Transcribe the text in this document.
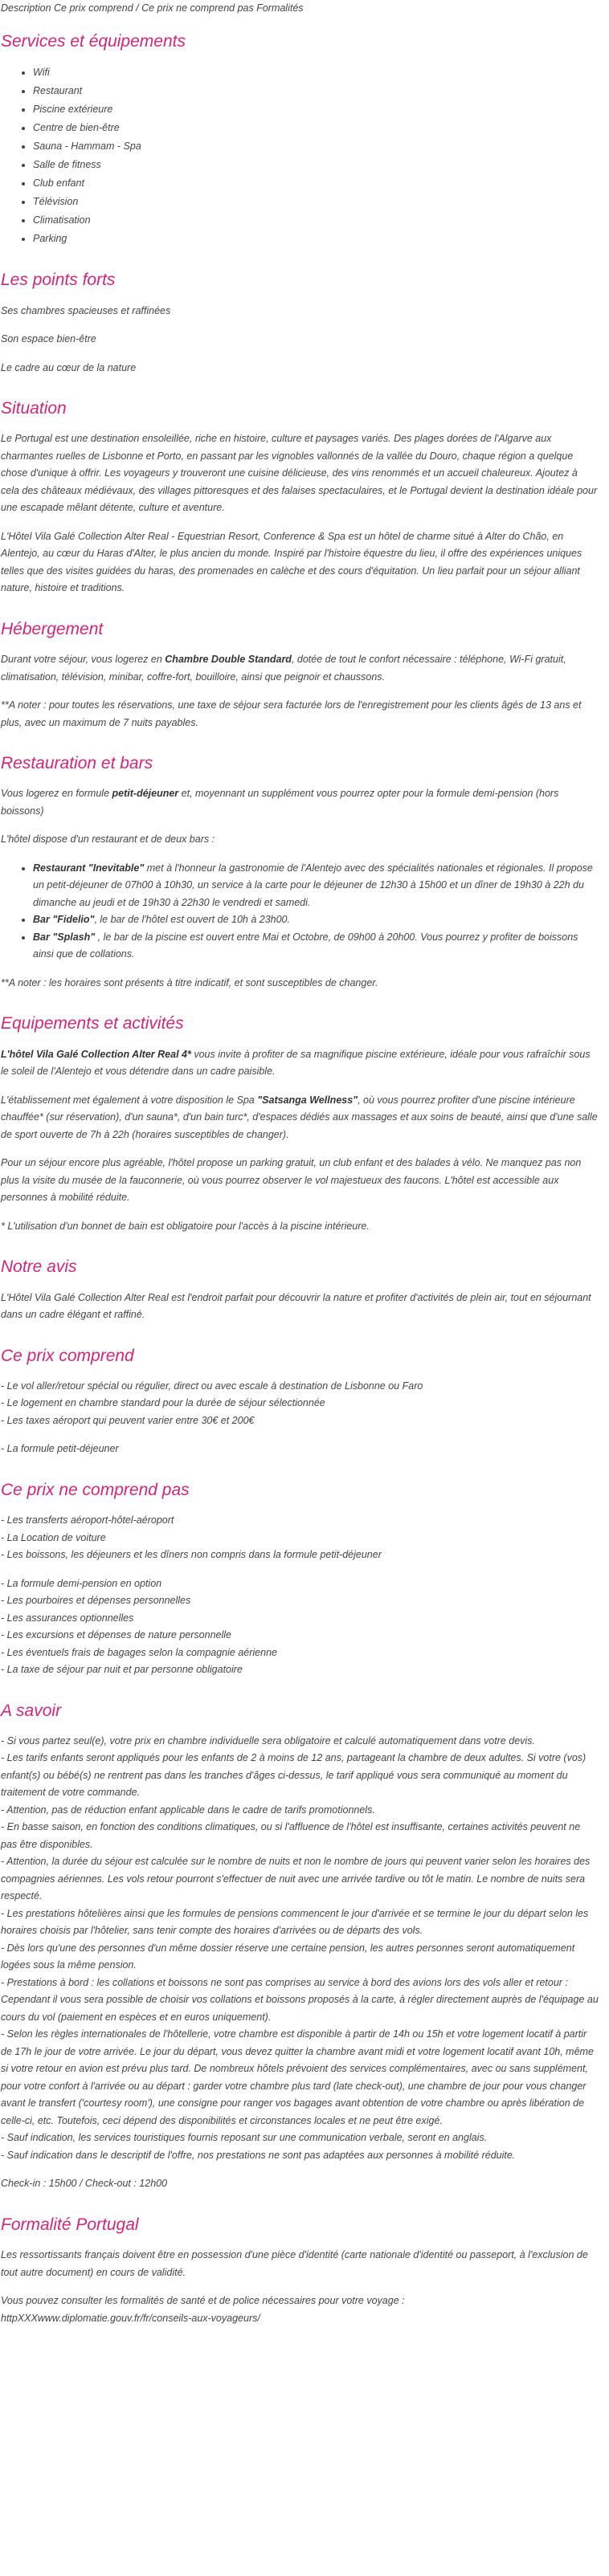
Description Ce prix comprend / Ce prix ne comprend pas Formalités
Services et équipements
• Wifi
• Restaurant
• Piscine extérieure
• Centre de bien-être
• Sauna - Hammam - Spa
• Salle de fitness
• Club enfant
• Télévision
• Climatisation
• Parking
Les points forts

Ses chambres spacieuses et raffinées

Son espace bien-être

Le cadre au cœur de la nature

Situation

Le Portugal est une destination ensoleillée, riche en histoire, culture et paysages variés. Des plages dorées de l'Algarve aux charmantes ruelles de Lisbonne et Porto, en passant par les vignobles vallonnés de la vallée du Douro, chaque région a quelque chose d'unique à offrir. Les voyageurs y trouveront une cuisine délicieuse, des vins renommés et un accueil chaleureux. Ajoutez à cela des châteaux médiévaux, des villages pittoresques et des falaises spectaculaires, et le Portugal devient la destination idéale pour une escapade mêlant détente, culture et aventure.

L'Hôtel Vila Galé Collection Alter Real - Equestrian Resort, Conference & Spa est un hôtel de charme situé à Alter do Chão, en Alentejo, au cœur du Haras d'Alter, le plus ancien du monde. Inspiré par l'histoire équestre du lieu, il offre des expériences uniques telles que des visites guidées du haras, des promenades en calèche et des cours d'équitation. Un lieu parfait pour un séjour alliant nature, histoire et traditions.

Hébergement

Durant votre séjour, vous logerez en Chambre Double Standard, dotée de tout le confort nécessaire : téléphone, Wi-Fi gratuit, climatisation, télévision, minibar, coffre-fort, bouilloire, ainsi que peignoir et chaussons.

**A noter : pour toutes les réservations, une taxe de séjour sera facturée lors de l'enregistrement pour les clients âgés de 13 ans et plus, avec un maximum de 7 nuits payables.

Restauration et bars

Vous logerez en formule petit-déjeuner et, moyennant un supplément vous pourrez opter pour la formule demi-pension (hors boissons)

L'hôtel dispose d'un restaurant et de deux bars :

• Restaurant "Inevitable" met à l'honneur la gastronomie de l'Alentejo avec des spécialités nationales et régionales. Il propose un petit-déjeuner de 07h00 à 10h30, un service à la carte pour le déjeuner de 12h30 à 15h00 et un dîner de 19h30 à 22h du dimanche au jeudi et de 19h30 à 22h30 le vendredi et samedi.
• Bar "Fidelio", le bar de l'hôtel est ouvert de 10h à 23h00.
• Bar "Splash" , le bar de la piscine est ouvert entre Mai et Octobre, de 09h00 à 20h00. Vous pourrez y profiter de boissons ainsi que de collations.

**A noter : les horaires sont présents à titre indicatif, et sont susceptibles de changer.

Equipements et activités

L'hôtel Vila Galé Collection Alter Real 4* vous invite à profiter de sa magnifique piscine extérieure, idéale pour vous rafraîchir sous le soleil de l'Alentejo et vous détendre dans un cadre paisible.

L'établissement met également à votre disposition le Spa "Satsanga Wellness", où vous pourrez profiter d'une piscine intérieure chauffée* (sur réservation), d'un sauna*, d'un bain turc*, d'espaces dédiés aux massages et aux soins de beauté, ainsi que d'une salle de sport ouverte de 7h à 22h (horaires susceptibles de changer).

Pour un séjour encore plus agréable, l'hôtel propose un parking gratuit, un club enfant et des balades à vélo. Ne manquez pas non plus la visite du musée de la fauconnerie, où vous pourrez observer le vol majestueux des faucons. L'hôtel est accessible aux personnes à mobilité réduite.

* L'utilisation d'un bonnet de bain est obligatoire pour l'accès à la piscine intérieure.

Notre avis

L'Hôtel Vila Galé Collection Alter Real est l'endroit parfait pour découvrir la nature et profiter d'activités de plein air, tout en séjournant dans un cadre élégant et raffiné.

Ce prix comprend

- Le vol aller/retour spécial ou régulier, direct ou avec escale à destination de Lisbonne ou Faro

- Le logement en chambre standard pour la durée de séjour sélectionnée

- Les taxes aéroport qui peuvent varier entre 30€ et 200€

- La formule petit-déjeuner

Ce prix ne comprend pas

- Les transferts aéroport-hôtel-aéroport

- La Location de voiture

- Les boissons, les déjeuners et les dîners non compris dans la formule petit-déjeuner

- La formule demi-pension en option

- Les pourboires et dépenses personnelles

- Les assurances optionnelles

- Les excursions et dépenses de nature personnelle

- Les éventuels frais de bagages selon la compagnie aérienne

- La taxe de séjour par nuit et par personne obligatoire

A savoir

- Si vous partez seul(e), votre prix en chambre individuelle sera obligatoire et calculé automatiquement dans votre devis.

- Les tarifs enfants seront appliqués pour les enfants de 2 à moins de 12 ans, partageant la chambre de deux adultes. Si votre (vos) enfant(s) ou bébé(s) ne rentrent pas dans les tranches d'âges ci-dessus, le tarif appliqué vous sera communiqué au moment du traitement de votre commande.

- Attention, pas de réduction enfant applicable dans le cadre de tarifs promotionnels.

- En basse saison, en fonction des conditions climatiques, ou si l'affluence de l'hôtel est insuffisante, certaines activités peuvent ne pas être disponibles.

- Attention, la durée du séjour est calculée sur le nombre de nuits et non le nombre de jours qui peuvent varier selon les horaires des compagnies aériennes. Les vols retour pourront s'effectuer de nuit avec une arrivée tardive ou tôt le matin. Le nombre de nuits sera respecté.

- Les prestations hôtelières ainsi que les formules de pensions commencent le jour d'arrivée et se termine le jour du départ selon les horaires choisis par l'hôtelier, sans tenir compte des horaires d'arrivées ou de départs des vols.

- Dès lors qu'une des personnes d'un même dossier réserve une certaine pension, les autres personnes seront automatiquement logées sous la même pension.

- Prestations à bord : les collations et boissons ne sont pas comprises au service à bord des avions lors des vols aller et retour : Cependant il vous sera possible de choisir vos collations et boissons proposés à la carte, à régler directement auprès de l'équipage au cours du vol (paiement en espèces et en euros uniquement).

- Selon les règles internationales de l'hôtellerie, votre chambre est disponible à partir de 14h ou 15h et votre logement locatif à partir de 17h le jour de votre arrivée. Le jour du départ, vous devez quitter la chambre avant midi et votre logement locatif avant 10h, même si votre retour en avion est prévu plus tard. De nombreux hôtels prévoient des services complémentaires, avec ou sans supplément, pour votre confort à l'arrivée ou au départ : garder votre chambre plus tard (late check-out), une chambre de jour pour vous changer avant le transfert ('courtesy room'), une consigne pour ranger vos bagages avant obtention de votre chambre ou après libération de celle-ci, etc. Toutefois, ceci dépend des disponibilités et circonstances locales et ne peut être exigé.

- Sauf indication, les services touristiques fournis reposant sur une communication verbale, seront en anglais.

- Sauf indication dans le descriptif de l'offre, nos prestations ne sont pas adaptées aux personnes à mobilité réduite.

Check-in : 15h00 / Check-out : 12h00

Formalité Portugal

Les ressortissants français doivent être en possession d'une pièce d'identité (carte nationale d'identité ou passeport, à l'exclusion de tout autre document) en cours de validité.

Vous pouvez consulter les formalités de santé et de police nécessaires pour votre voyage :

httpXXXwww.diplomatie.gouv.fr/fr/conseils-aux-voyageurs/
